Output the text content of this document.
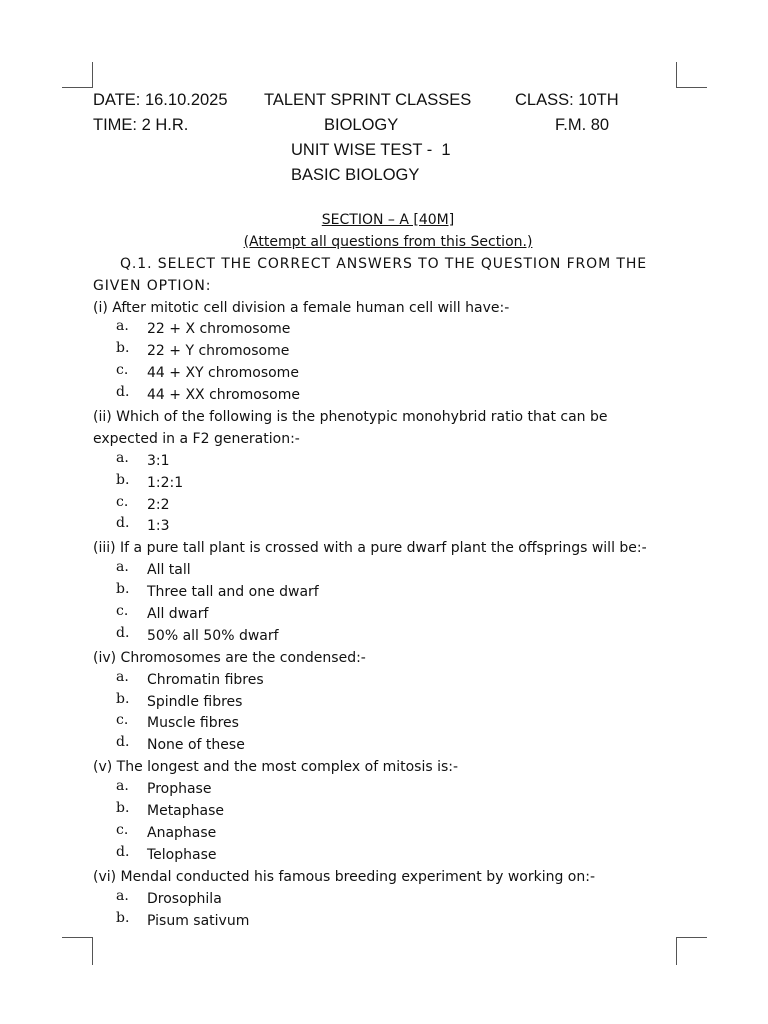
DATE: 16.10.2025 TALENT SPRINT CLASSES	CLASS: 10TH
TIME: 2 H.R.	BIOLOGY	F.M. 80
UNIT WISE TEST -  1
BASIC BIOLOGY
SECTION – A [40M]
(Attempt all questions from this Section.)
Q.1. SELECT THE CORRECT ANSWERS TO THE QUESTION FROM THE
GIVEN OPTION:
(i) After mitotic cell division a female human cell will have:-
a.	22 + X chromosome
b.	22 + Y chromosome
c.	44 + XY chromosome
d.	44 + XX chromosome
(ii) Which of the following is the phenotypic monohybrid ratio that can be
expected in a F2 generation:-
a.	3:1
b.	1:2:1
c.	2:2
d.	1:3
(iii) If a pure tall plant is crossed with a pure dwarf plant the offsprings will be:-
a.	All tall
b.	Three tall and one dwarf
c.	All dwarf
d.	50% all 50% dwarf
(iv) Chromosomes are the condensed:-
a.	Chromatin fibres
b.	Spindle fibres
c.	Muscle fibres
d.	None of these
(v) The longest and the most complex of mitosis is:-
a.	Prophase
b.	Metaphase
c.	Anaphase
d.	Telophase
(vi) Mendal conducted his famous breeding experiment by working on:-
a.	Drosophila
b.	Pisum sativum
